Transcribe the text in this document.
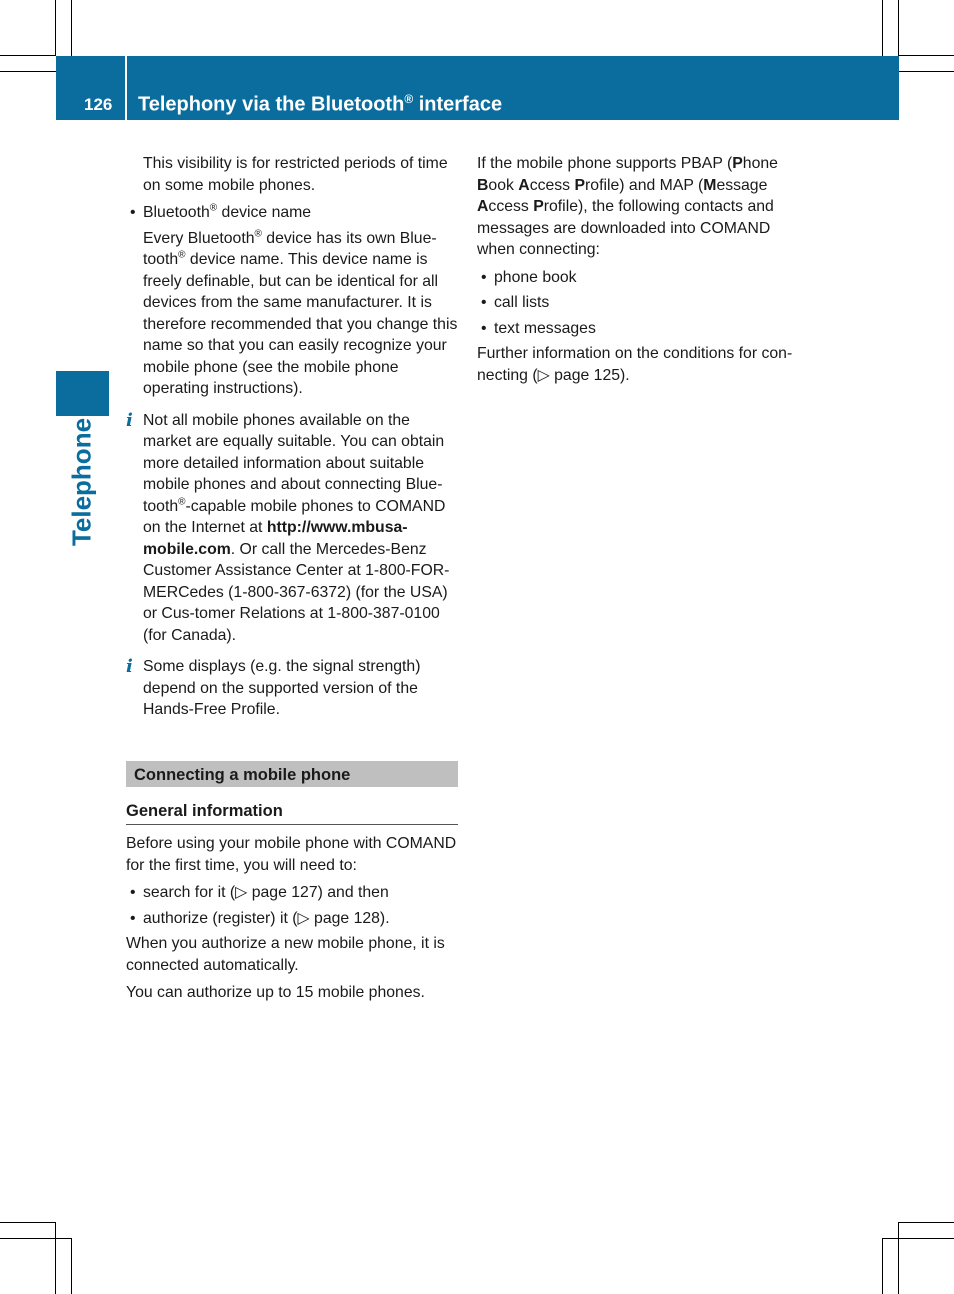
126 Telephony via the Bluetooth® interface
Telephone

This visibility is for restricted periods of time on some mobile phones.

• Bluetooth® device name

Every Bluetooth® device has its own Blue-tooth® device name. This device name is freely definable, but can be identical for all devices from the same manufacturer. It is therefore recommended that you change this name so that you can easily recognize your mobile phone (see the mobile phone operating instructions).

i Not all mobile phones available on the market are equally suitable. You can obtain more detailed information about suitable mobile phones and about connecting Blue-tooth®-capable mobile phones to COMAND on the Internet at http://www.mbusa-mobile.com. Or call the Mercedes-Benz Customer Assistance Center at 1-800-FOR-MERCedes (1-800-367-6372) (for the USA) or Cus-tomer Relations at 1-800-387-0100 (for Canada).

i Some displays (e.g. the signal strength) depend on the supported version of the Hands-Free Profile.

Connecting a mobile phone

General information

Before using your mobile phone with COMAND for the first time, you will need to:

• search for it (▷ page 127) and then

• authorize (register) it (▷ page 128).

When you authorize a new mobile phone, it is connected automatically.

You can authorize up to 15 mobile phones.

If the mobile phone supports PBAP (Phone Book Access Profile) and MAP (Message Access Profile), the following contacts and messages are downloaded into COMAND when connecting:

• phone book

• call lists

• text messages

Further information on the conditions for con-necting (▷ page 125).
